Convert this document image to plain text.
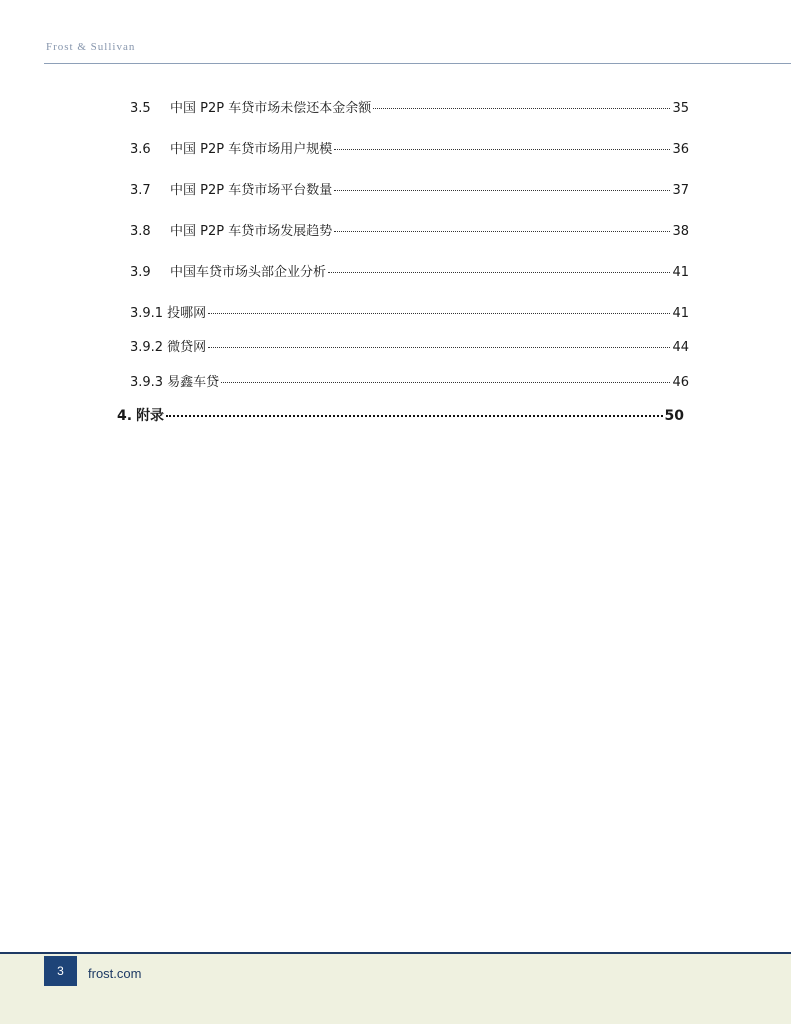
Frost & Sullivan
3.5	中国 P2P 车贷市场未偿还本金余额	35
3.6	中国 P2P 车贷市场用户规模	36
3.7	中国 P2P 车贷市场平台数量	37
3.8	中国 P2P 车贷市场发展趋势	38
3.9	中国车贷市场头部企业分析	41
3.9.1 投哪网	41
3.9.2 微贷网	44
3.9.3 易鑫车贷	46
4. 附录	50
3	frost.com
